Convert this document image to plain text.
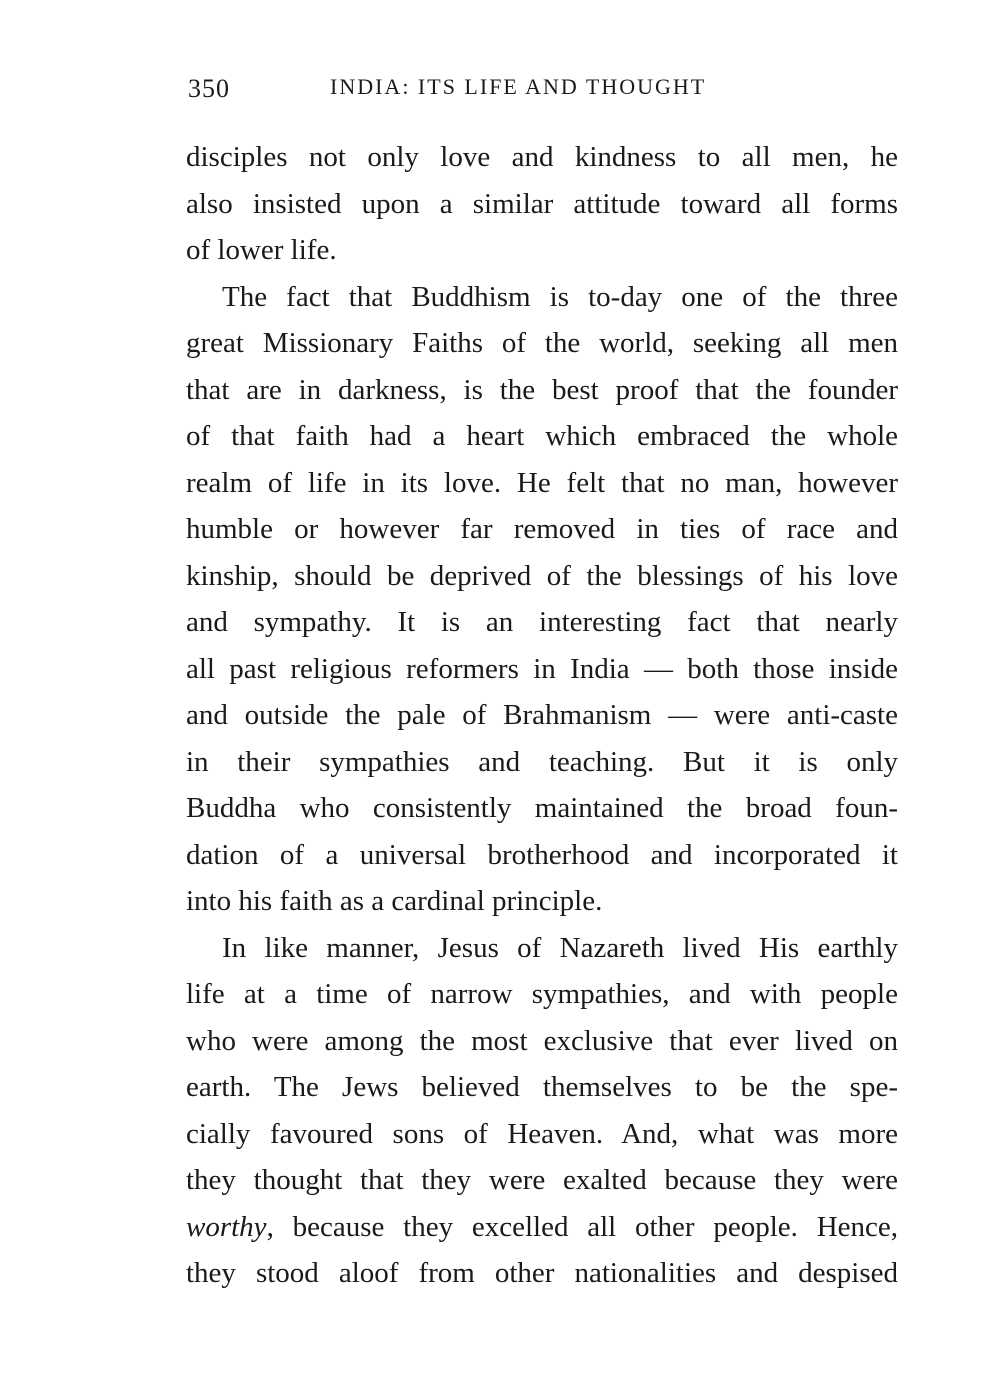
350	INDIA: ITS LIFE AND THOUGHT
disciples not only love and kindness to all men, he
also insisted upon a similar attitude toward all forms
of lower life.
The fact that Buddhism is to-day one of the three
great Missionary Faiths of the world, seeking all men
that are in darkness, is the best proof that the founder
of that faith had a heart which embraced the whole
realm of life in its love. He felt that no man, however
humble or however far removed in ties of race and
kinship, should be deprived of the blessings of his love
and sympathy. It is an interesting fact that nearly
all past religious reformers in India — both those inside
and outside the pale of Brahmanism — were anti-caste
in their sympathies and teaching. But it is only
Buddha who consistently maintained the broad foun-
dation of a universal brotherhood and incorporated it
into his faith as a cardinal principle.
In like manner, Jesus of Nazareth lived His earthly
life at a time of narrow sympathies, and with people
who were among the most exclusive that ever lived on
earth. The Jews believed themselves to be the spe-
cially favoured sons of Heaven. And, what was more
they thought that they were exalted because they were
worthy, because they excelled all other people. Hence,
they stood aloof from other nationalities and despised
